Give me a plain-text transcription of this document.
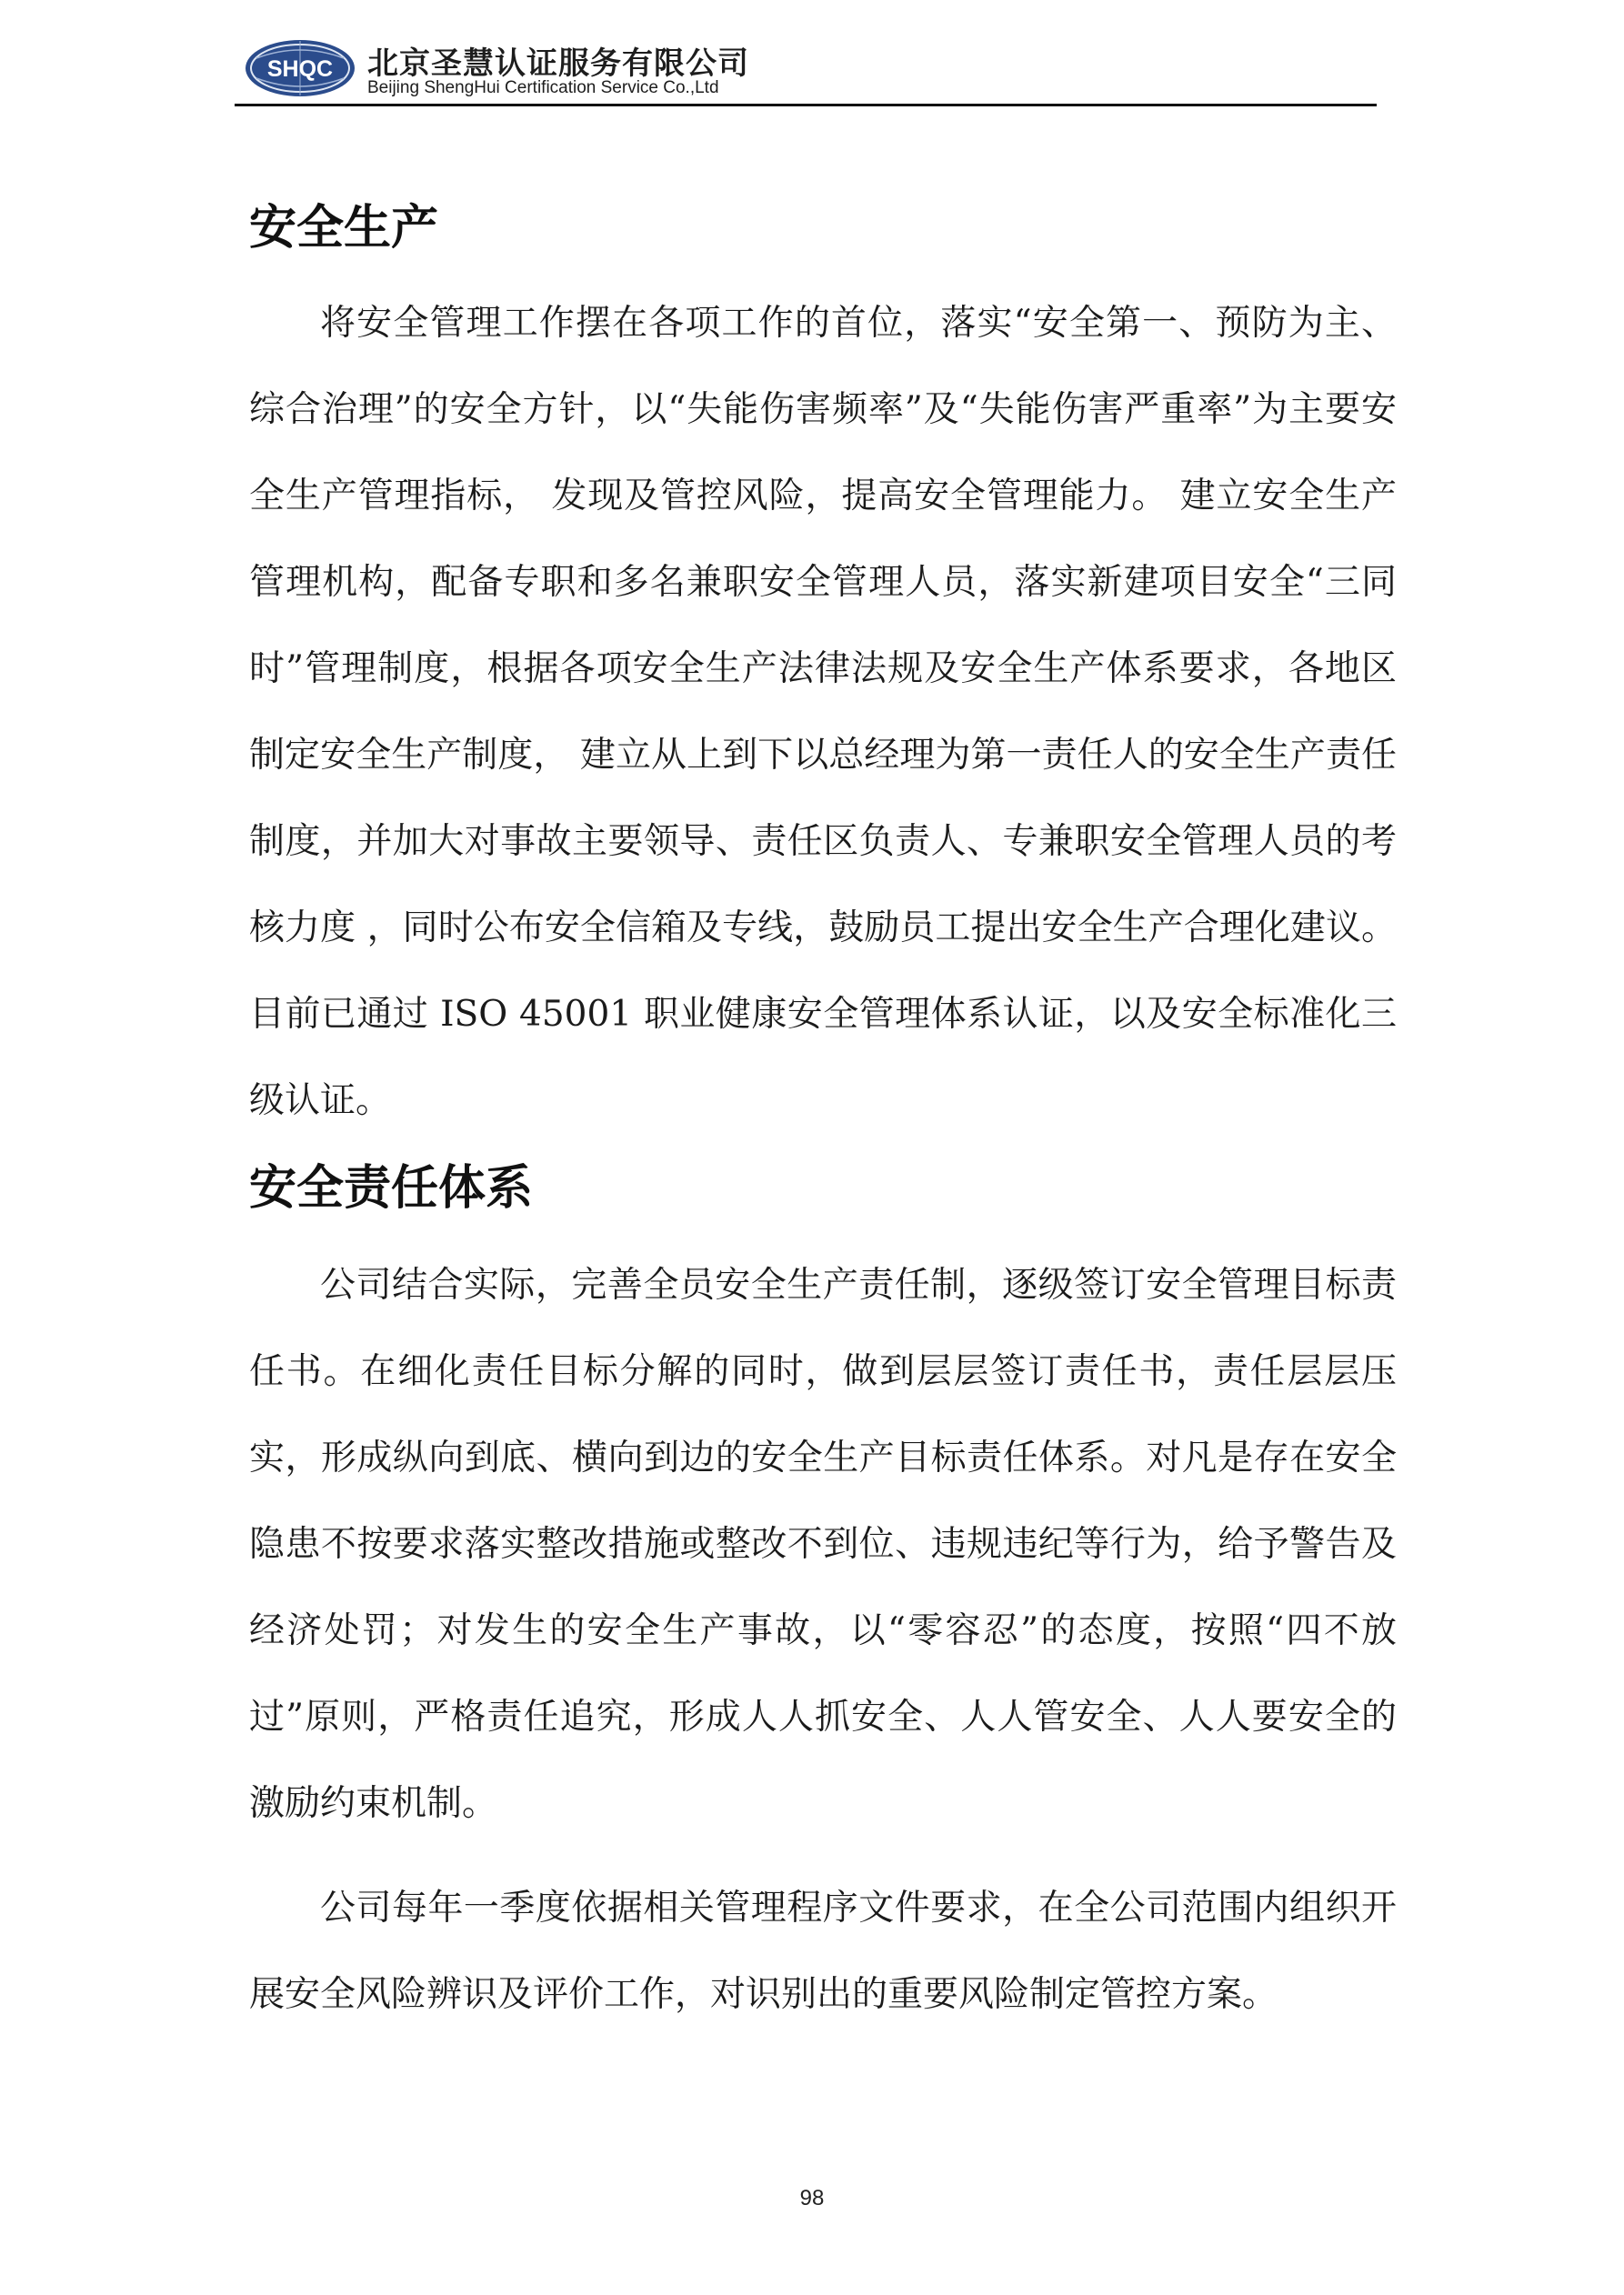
SHQC 北京圣慧认证服务有限公司
Beijing ShengHui Certification Service Co.,Ltd
安全生产

将安全管理工作摆在各项工作的首位，落实“安全第一、预防为主、综合治理”的安全方针，以“失能伤害频率”及“失能伤害严重率”为主要安全生产管理指标， 发现及管控风险，提高安全管理能力。 建立安全生产管理机构，配备专职和多名兼职安全管理人员，落实新建项目安全“三同时”管理制度，根据各项安全生产法律法规及安全生产体系要求，各地区制定安全生产制度， 建立从上到下以总经理为第一责任人的安全生产责任制度，并加大对事故主要领导、责任区负责人、专兼职安全管理人员的考核力度 ，同时公布安全信箱及专线，鼓励员工提出安全生产合理化建议。目前已通过 ISO 45001 职业健康安全管理体系认证，以及安全标准化三级认证。

安全责任体系

公司结合实际，完善全员安全生产责任制，逐级签订安全管理目标责任书。在细化责任目标分解的同时，做到层层签订责任书，责任层层压实，形成纵向到底、横向到边的安全生产目标责任体系。对凡是存在安全隐患不按要求落实整改措施或整改不到位、违规违纪等行为，给予警告及经济处罚；对发生的安全生产事故，以“零容忍”的态度，按照“四不放过”原则，严格责任追究，形成人人抓安全、人人管安全、人人要安全的激励约束机制。

公司每年一季度依据相关管理程序文件要求，在全公司范围内组织开展安全风险辨识及评价工作，对识别出的重要风险制定管控方案。

98
